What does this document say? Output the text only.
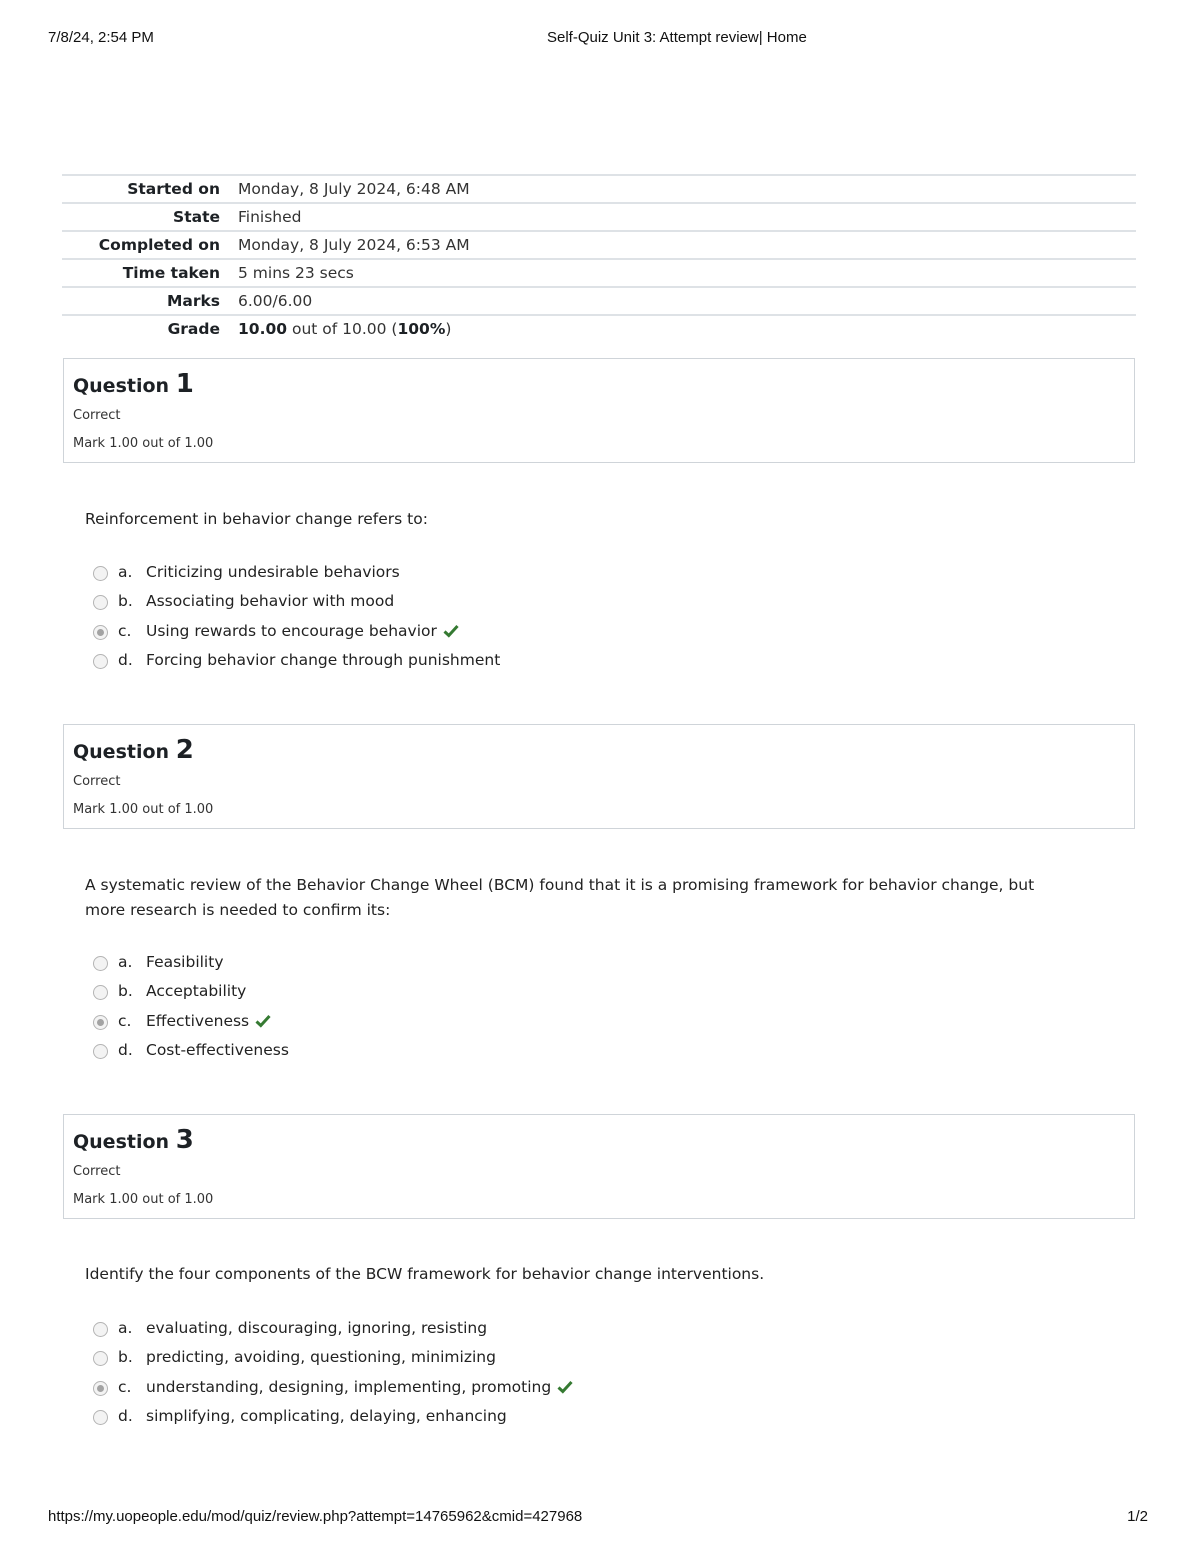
7/8/24, 2:54 PM	Self-Quiz Unit 3: Attempt review| Home
Started on	Monday, 8 July 2024, 6:48 AM
State	Finished
Completed on	Monday, 8 July 2024, 6:53 AM
Time taken	5 mins 23 secs
Marks	6.00/6.00
Grade	10.00 out of 10.00 (100%)
Question 1
Correct
Mark 1.00 out of 1.00
Reinforcement in behavior change refers to:
a. Criticizing undesirable behaviors
b. Associating behavior with mood
c. Using rewards to encourage behavior
d. Forcing behavior change through punishment
Question 2
Correct
Mark 1.00 out of 1.00
A systematic review of the Behavior Change Wheel (BCM) found that it is a promising framework for behavior change, but more research is needed to confirm its:
a. Feasibility
b. Acceptability
c. Effectiveness
d. Cost-effectiveness
Question 3
Correct
Mark 1.00 out of 1.00
Identify the four components of the BCW framework for behavior change interventions.
a. evaluating, discouraging, ignoring, resisting
b. predicting, avoiding, questioning, minimizing
c. understanding, designing, implementing, promoting
d. simplifying, complicating, delaying, enhancing
https://my.uopeople.edu/mod/quiz/review.php?attempt=14765962&cmid=427968	1/2
